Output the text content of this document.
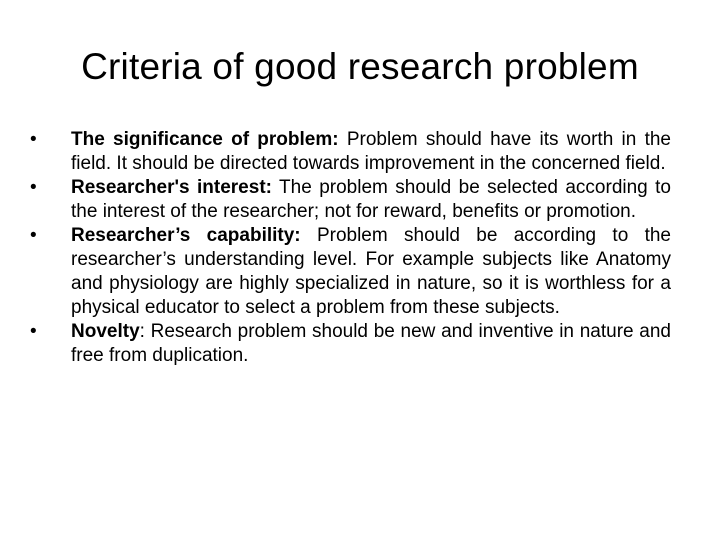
Criteria of good research problem
•	The significance of problem: Problem should have its worth in the field. It should be directed towards improvement in the concerned field.
•	Researcher's interest: The problem should be selected according to the interest of the researcher; not for reward, benefits or promotion.
•	Researcher’s capability: Problem should be according to the researcher’s understanding level. For example subjects like Anatomy and physiology are highly specialized in nature, so it is worthless for a physical educator to select a problem from these subjects.
•	Novelty: Research problem should be new and inventive in nature and free from duplication.
